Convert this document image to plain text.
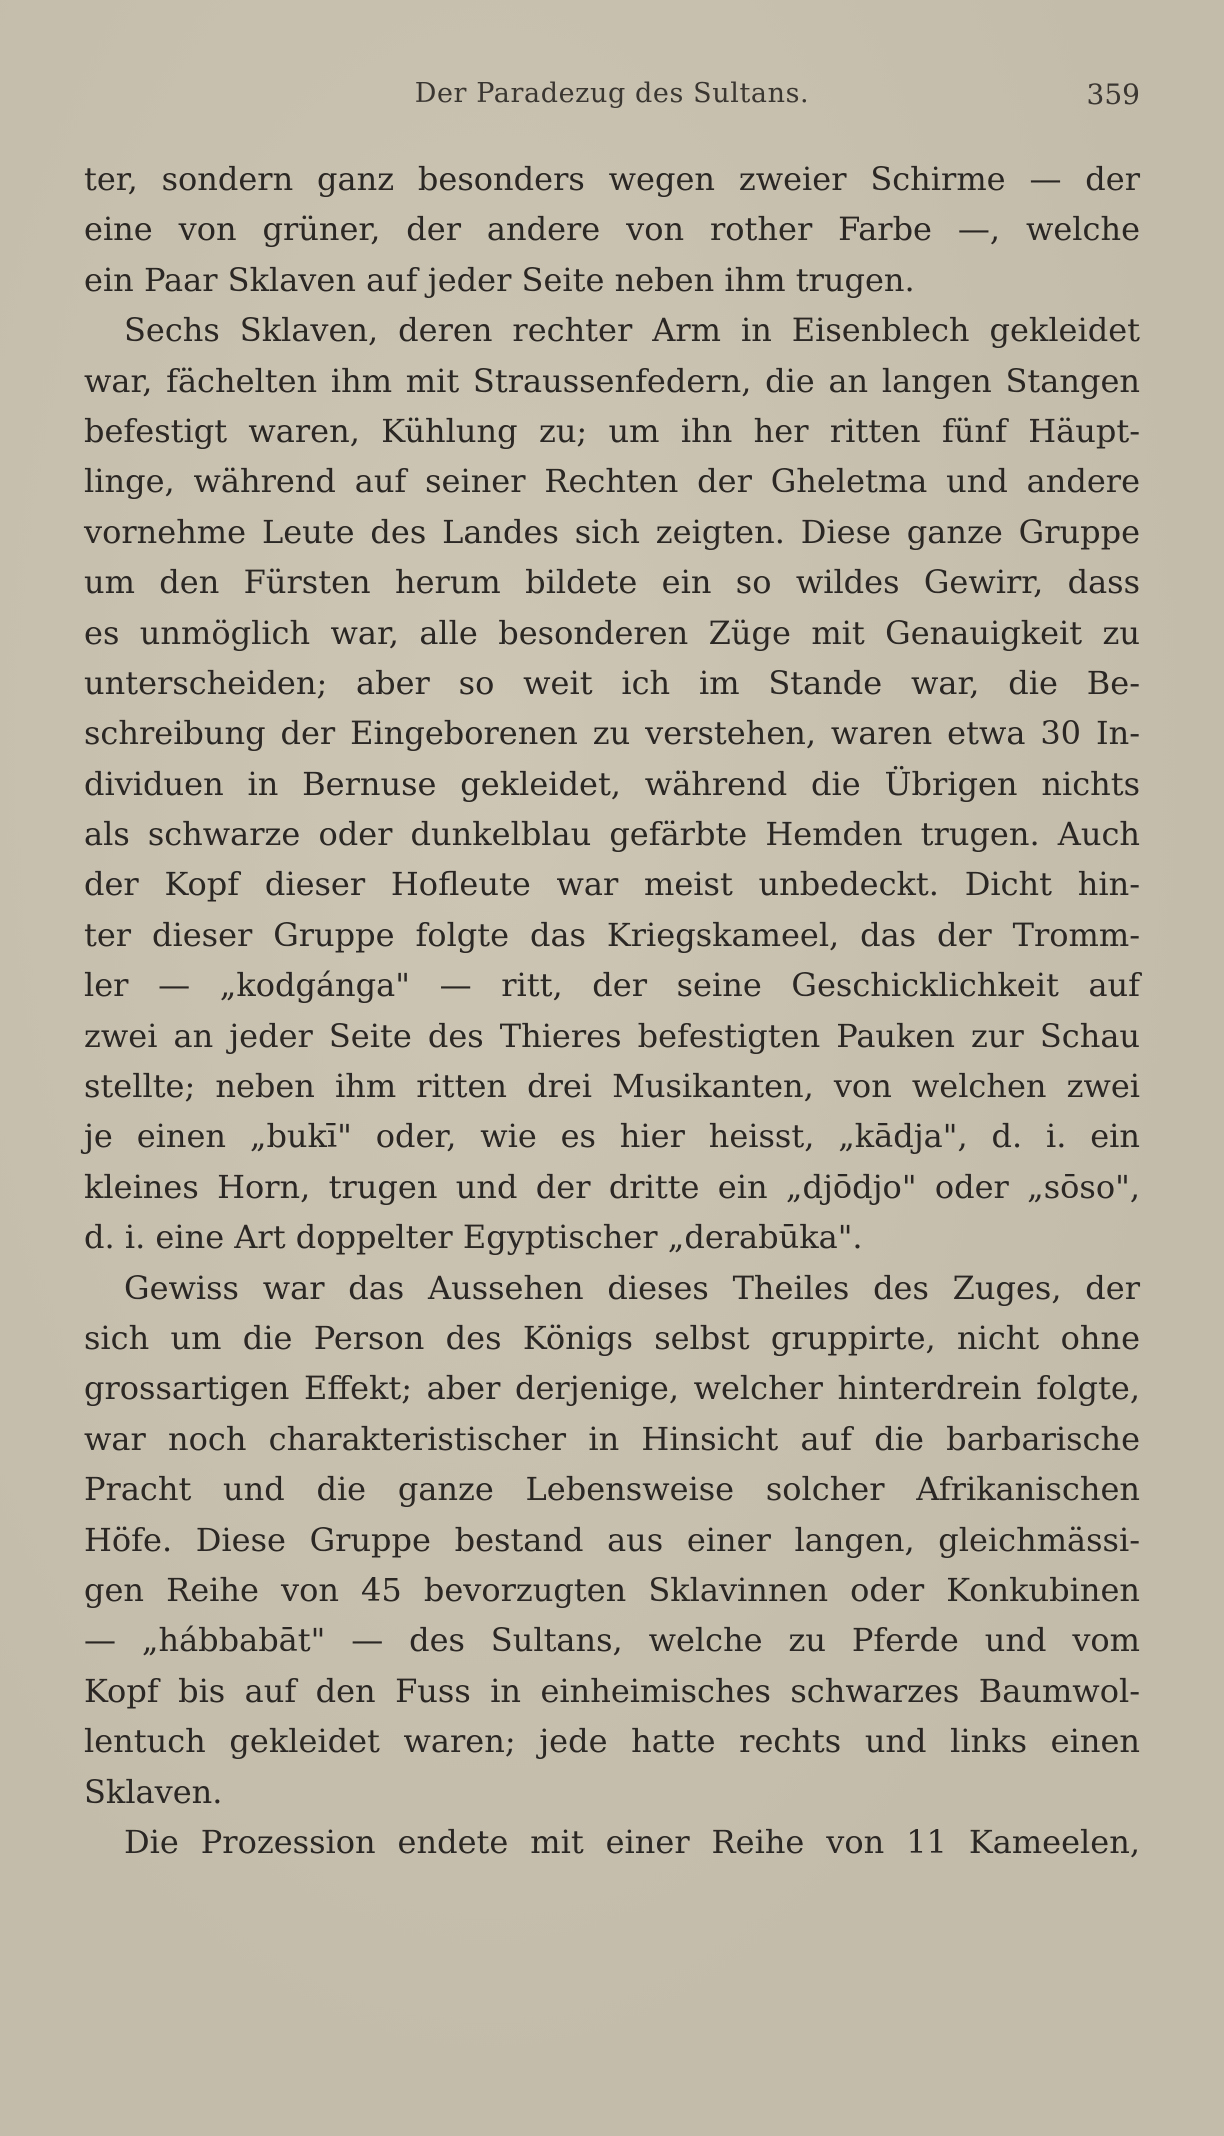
Der Paradezug des Sultans.	359
ter, sondern ganz besonders wegen zweier Schirme — der
eine von grüner, der andere von rother Farbe —, welche
ein Paar Sklaven auf jeder Seite neben ihm trugen.
Sechs Sklaven, deren rechter Arm in Eisenblech gekleidet
war, fächelten ihm mit Straussenfedern, die an langen Stangen
befestigt waren, Kühlung zu; um ihn her ritten fünf Häupt-
linge, während auf seiner Rechten der Gheletma und andere
vornehme Leute des Landes sich zeigten. Diese ganze Gruppe
um den Fürsten herum bildete ein so wildes Gewirr, dass
es unmöglich war, alle besonderen Züge mit Genauigkeit zu
unterscheiden; aber so weit ich im Stande war, die Be-
schreibung der Eingeborenen zu verstehen, waren etwa 30 In-
dividuen in Bernuse gekleidet, während die Übrigen nichts
als schwarze oder dunkelblau gefärbte Hemden trugen. Auch
der Kopf dieser Hofleute war meist unbedeckt. Dicht hin-
ter dieser Gruppe folgte das Kriegskameel, das der Tromm-
ler — „kodgánga" — ritt, der seine Geschicklichkeit auf
zwei an jeder Seite des Thieres befestigten Pauken zur Schau
stellte; neben ihm ritten drei Musikanten, von welchen zwei
je einen „bukī" oder, wie es hier heisst, „kādja", d. i. ein
kleines Horn, trugen und der dritte ein „djōdjo" oder „sōso",
d. i. eine Art doppelter Egyptischer „derabūka".
Gewiss war das Aussehen dieses Theiles des Zuges, der
sich um die Person des Königs selbst gruppirte, nicht ohne
grossartigen Effekt; aber derjenige, welcher hinterdrein folgte,
war noch charakteristischer in Hinsicht auf die barbarische
Pracht und die ganze Lebensweise solcher Afrikanischen
Höfe. Diese Gruppe bestand aus einer langen, gleichmässi-
gen Reihe von 45 bevorzugten Sklavinnen oder Konkubinen
— „hábbabāt" — des Sultans, welche zu Pferde und vom
Kopf bis auf den Fuss in einheimisches schwarzes Baumwol-
lentuch gekleidet waren; jede hatte rechts und links einen
Sklaven.
Die Prozession endete mit einer Reihe von 11 Kameelen,
